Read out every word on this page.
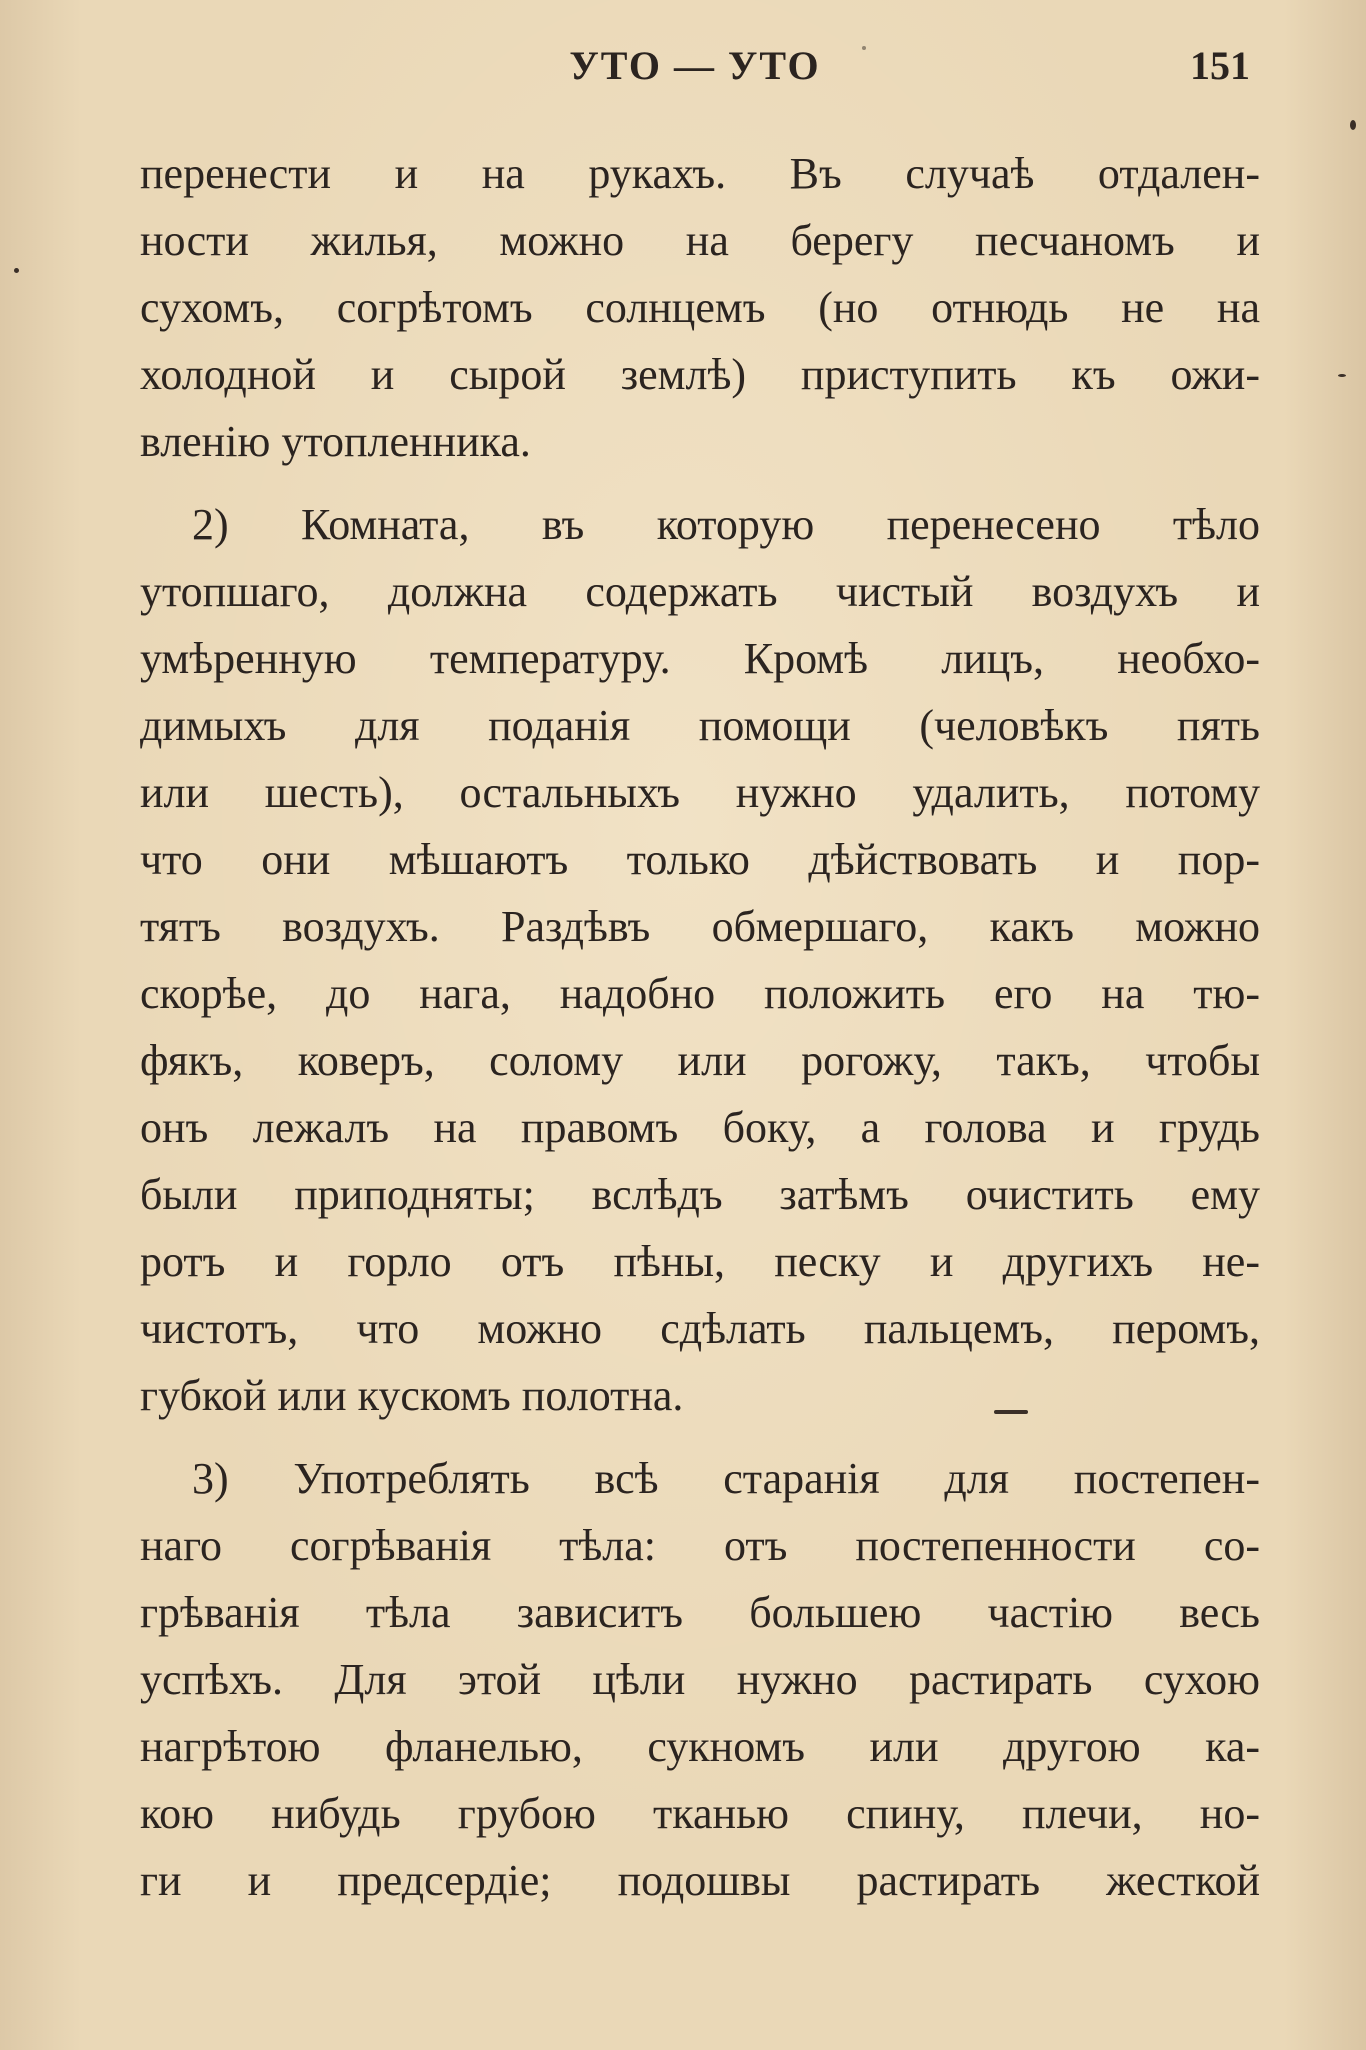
УТО — УТО	151
перенести и на рукахъ. Въ случаѣ отдален-
ности жилья, можно на берегу песчаномъ и
сухомъ, согрѣтомъ солнцемъ (но отнюдь не на
холодной и сырой землѣ) приступить къ ожи-
вленію утопленника.
2) Комната, въ которую перенесено тѣло
утопшаго, должна содержать чистый воздухъ и
умѣренную температуру. Кромѣ лицъ, необхо-
димыхъ для поданія помощи (человѣкъ пять
или шесть), остальныхъ нужно удалить, потому
что они мѣшаютъ только дѣйствовать и пор-
тятъ воздухъ. Раздѣвъ обмершаго, какъ можно
скорѣе, до нага, надобно положить его на тю-
фякъ, коверъ, солому или рогожу, такъ, чтобы
онъ лежалъ на правомъ боку, а голова и грудь
были приподняты; вслѣдъ затѣмъ очистить ему
ротъ и горло отъ пѣны, песку и другихъ не-
чистотъ, что можно сдѣлать пальцемъ, перомъ,
губкой или кускомъ полотна.
3) Употреблять всѣ старанія для постепен-
наго согрѣванія тѣла: отъ постепенности со-
грѣванія тѣла зависитъ большею частію весь
успѣхъ. Для этой цѣли нужно растирать сухою
нагрѣтою фланелью, сукномъ или другою ка-
кою нибудь грубою тканью спину, плечи, но-
ги и предсердіе; подошвы растирать жесткой
